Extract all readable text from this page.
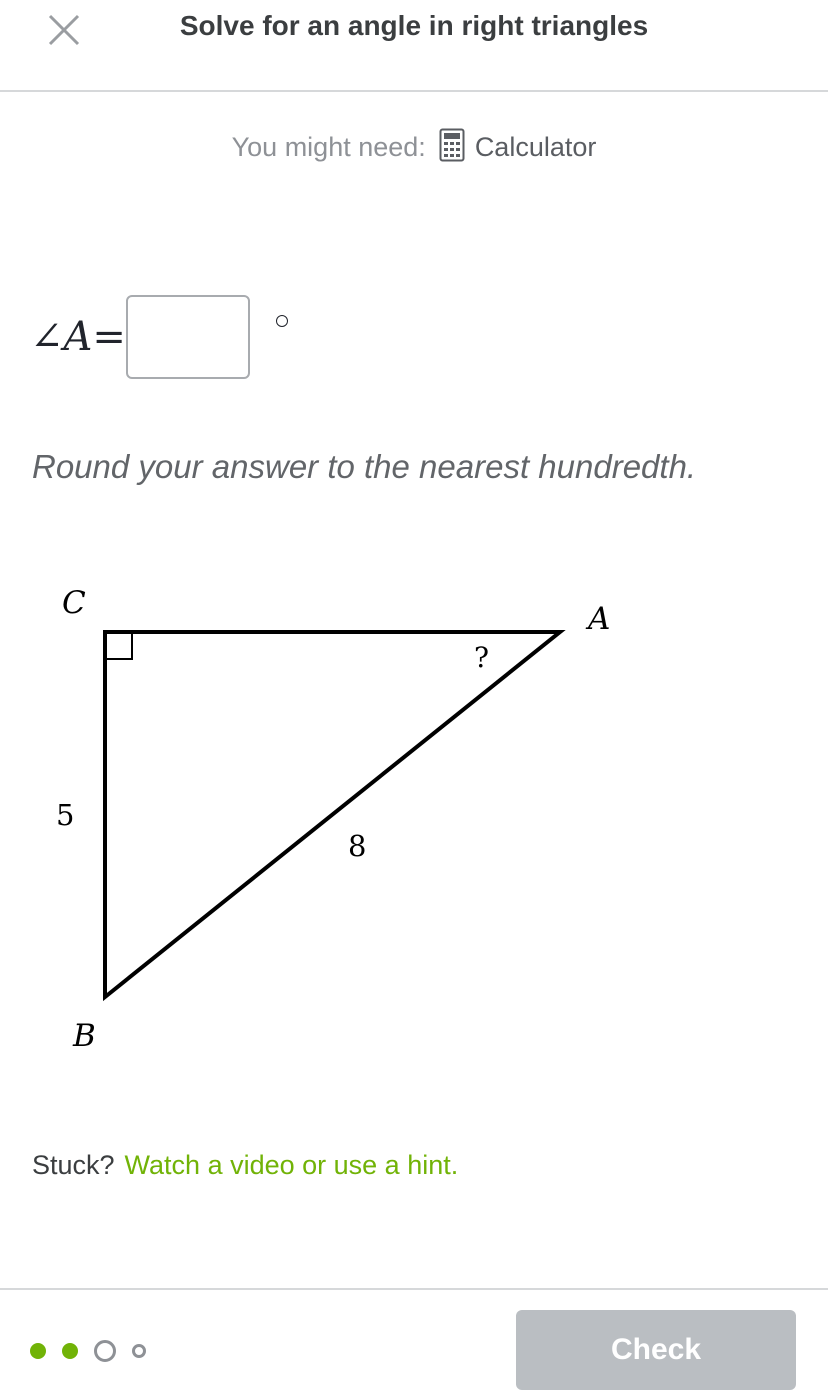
Solve for an angle in right triangles
You might need: Calculator
∠A =
Round your answer to the nearest hundredth.
C	A
B
5
8
?
Stuck? Watch a video or use a hint.
Check
